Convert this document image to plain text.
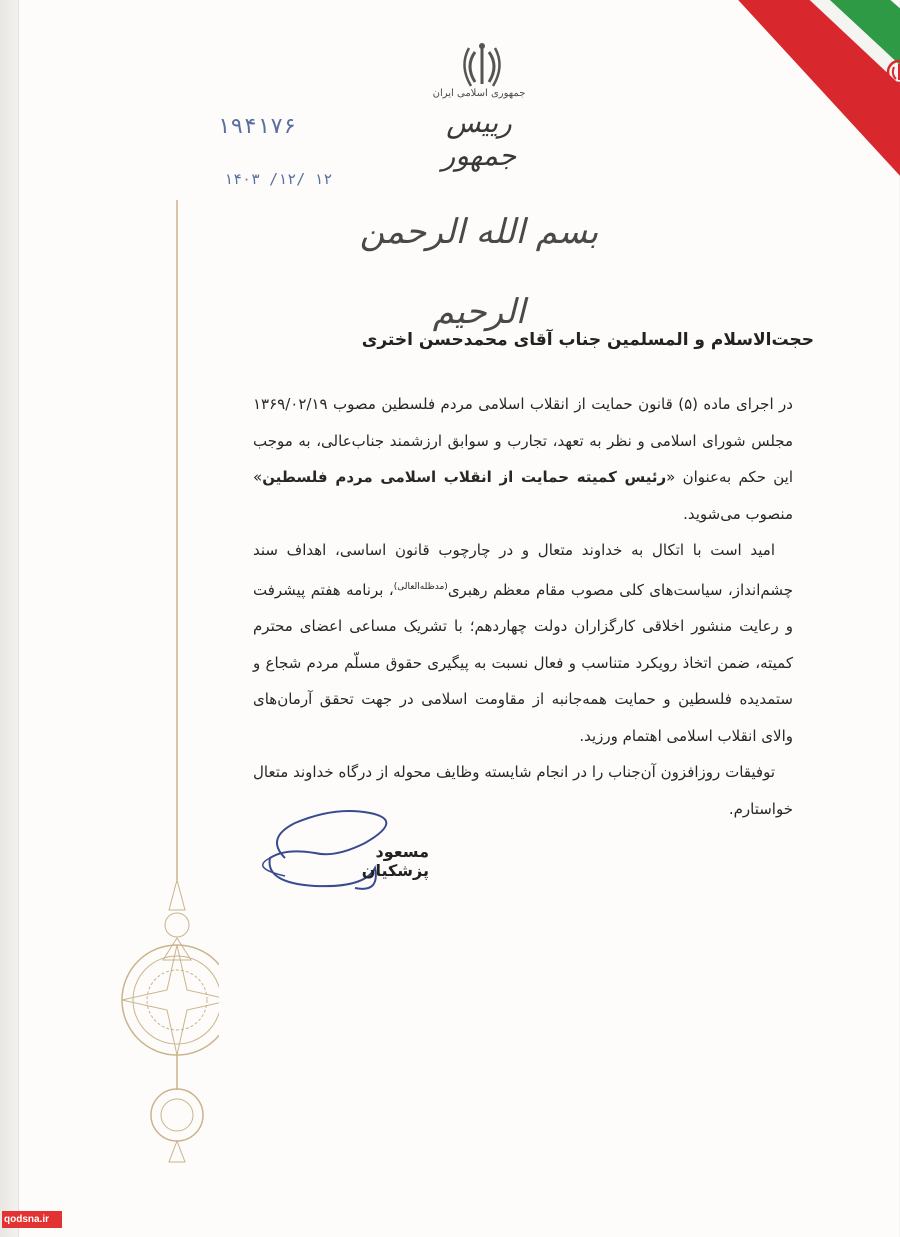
جمهوری اسلامی ایران
رییس جمهور
۱۹۴۱۷۶
۱۴۰۳ /۱۲/ ۱۲
بسم الله الرحمن الرحیم
حجت‌الاسلام و المسلمین جناب آقای محمدحسن اختری

در اجرای ماده (۵) قانون حمایت از انقلاب اسلامی مردم فلسطین مصوب ۱۳۶۹/۰۲/۱۹ مجلس شورای اسلامی و نظر به تعهد، تجارب و سوابق ارزشمند جناب‌عالی، به موجب این حکم به‌عنوان «رئیس کمیته حمایت از انقلاب اسلامی مردم فلسطین» منصوب می‌شوید.

امید است با اتکال به خداوند متعال و در چارچوب قانون اساسی، اهداف سند چشم‌انداز، سیاست‌های کلی مصوب مقام معظم رهبری$^{(مدظله‌العالی)}$، برنامه هفتم پیشرفت و رعایت منشور اخلاقی کارگزاران دولت چهاردهم؛ با تشریک مساعی اعضای محترم کمیته، ضمن اتخاذ رویکرد متناسب و فعال نسبت به پیگیری حقوق مسلّم مردم شجاع و ستمدیده فلسطین و حمایت همه‌جانبه از مقاومت اسلامی در جهت تحقق آرمان‌های والای انقلاب اسلامی اهتمام ورزید.

توفیقات روزافزون آن‌جناب را در انجام شایسته وظایف محوله از درگاه خداوند متعال خواستارم.

مسعود پزشکیان
qodsna.ir
